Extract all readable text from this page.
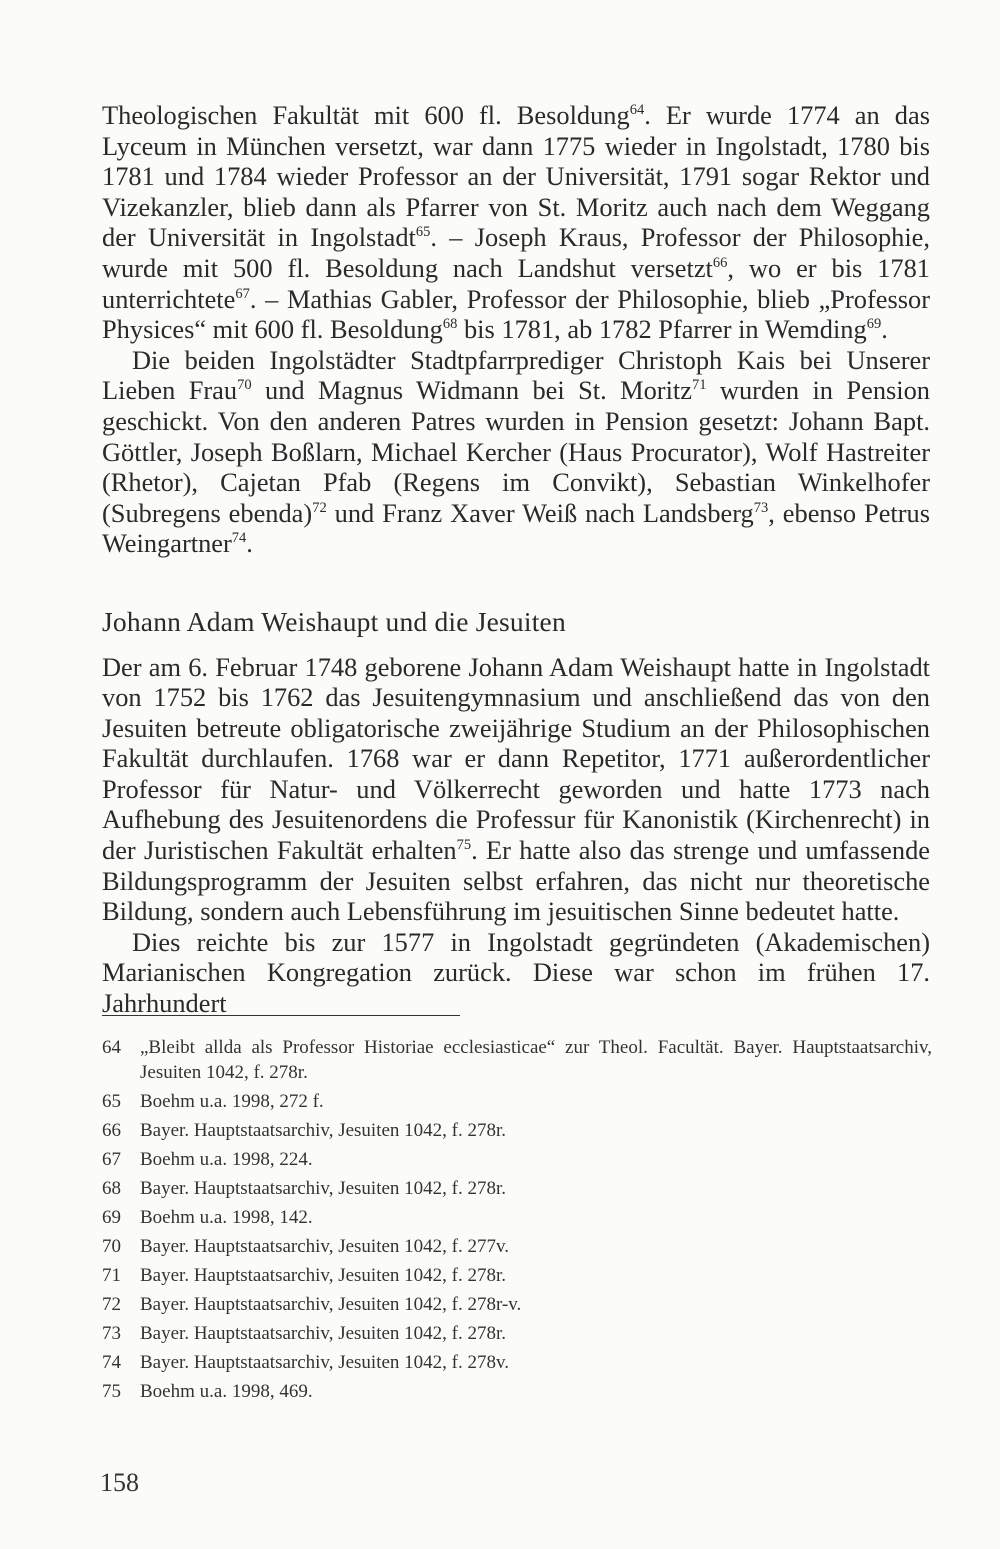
Theologischen Fakultät mit 600 fl. Besoldung$^{64}$. Er wurde 1774 an das Lyceum in München versetzt, war dann 1775 wieder in Ingolstadt, 1780 bis 1781 und 1784 wieder Professor an der Universität, 1791 sogar Rektor und Vizekanzler, blieb dann als Pfarrer von St. Moritz auch nach dem Weggang der Universität in Ingolstadt$^{65}$. – Joseph Kraus, Professor der Philosophie, wurde mit 500 fl. Besoldung nach Landshut versetzt$^{66}$, wo er bis 1781 unterrichtete$^{67}$. – Mathias Gabler, Professor der Philosophie, blieb „Professor Physices“ mit 600 fl. Besoldung$^{68}$ bis 1781, ab 1782 Pfarrer in Wemding$^{69}$.

Die beiden Ingolstädter Stadtpfarrprediger Christoph Kais bei Unserer Lieben Frau$^{70}$ und Magnus Widmann bei St. Moritz$^{71}$ wurden in Pension geschickt. Von den anderen Patres wurden in Pension gesetzt: Johann Bapt. Göttler, Joseph Boßlarn, Michael Kercher (Haus Procurator), Wolf Hastreiter (Rhetor), Cajetan Pfab (Regens im Convikt), Sebastian Winkelhofer (Subregens ebenda)$^{72}$ und Franz Xaver Weiß nach Landsberg$^{73}$, ebenso Petrus Weingartner$^{74}$.

Johann Adam Weishaupt und die Jesuiten

Der am 6. Februar 1748 geborene Johann Adam Weishaupt hatte in Ingolstadt von 1752 bis 1762 das Jesuitengymnasium und anschließend das von den Jesuiten betreute obligatorische zweijährige Studium an der Philosophischen Fakultät durchlaufen. 1768 war er dann Repetitor, 1771 außerordentlicher Professor für Natur- und Völkerrecht geworden und hatte 1773 nach Aufhebung des Jesuitenordens die Professur für Kanonistik (Kirchenrecht) in der Juristischen Fakultät erhalten$^{75}$. Er hatte also das strenge und umfassende Bildungsprogramm der Jesuiten selbst erfahren, das nicht nur theoretische Bildung, sondern auch Lebensführung im jesuitischen Sinne bedeutet hatte.

Dies reichte bis zur 1577 in Ingolstadt gegründeten (Akademischen) Marianischen Kongregation zurück. Diese war schon im frühen 17. Jahrhundert

64 „Bleibt allda als Professor Historiae ecclesiasticae“ zur Theol. Facultät. Bayer. Hauptstaatsarchiv, Jesuiten 1042, f. 278r.
65 Boehm u.a. 1998, 272 f.
66 Bayer. Hauptstaatsarchiv, Jesuiten 1042, f. 278r.
67 Boehm u.a. 1998, 224.
68 Bayer. Hauptstaatsarchiv, Jesuiten 1042, f. 278r.
69 Boehm u.a. 1998, 142.
70 Bayer. Hauptstaatsarchiv, Jesuiten 1042, f. 277v.
71 Bayer. Hauptstaatsarchiv, Jesuiten 1042, f. 278r.
72 Bayer. Hauptstaatsarchiv, Jesuiten 1042, f. 278r-v.
73 Bayer. Hauptstaatsarchiv, Jesuiten 1042, f. 278r.
74 Bayer. Hauptstaatsarchiv, Jesuiten 1042, f. 278v.
75 Boehm u.a. 1998, 469.
158
